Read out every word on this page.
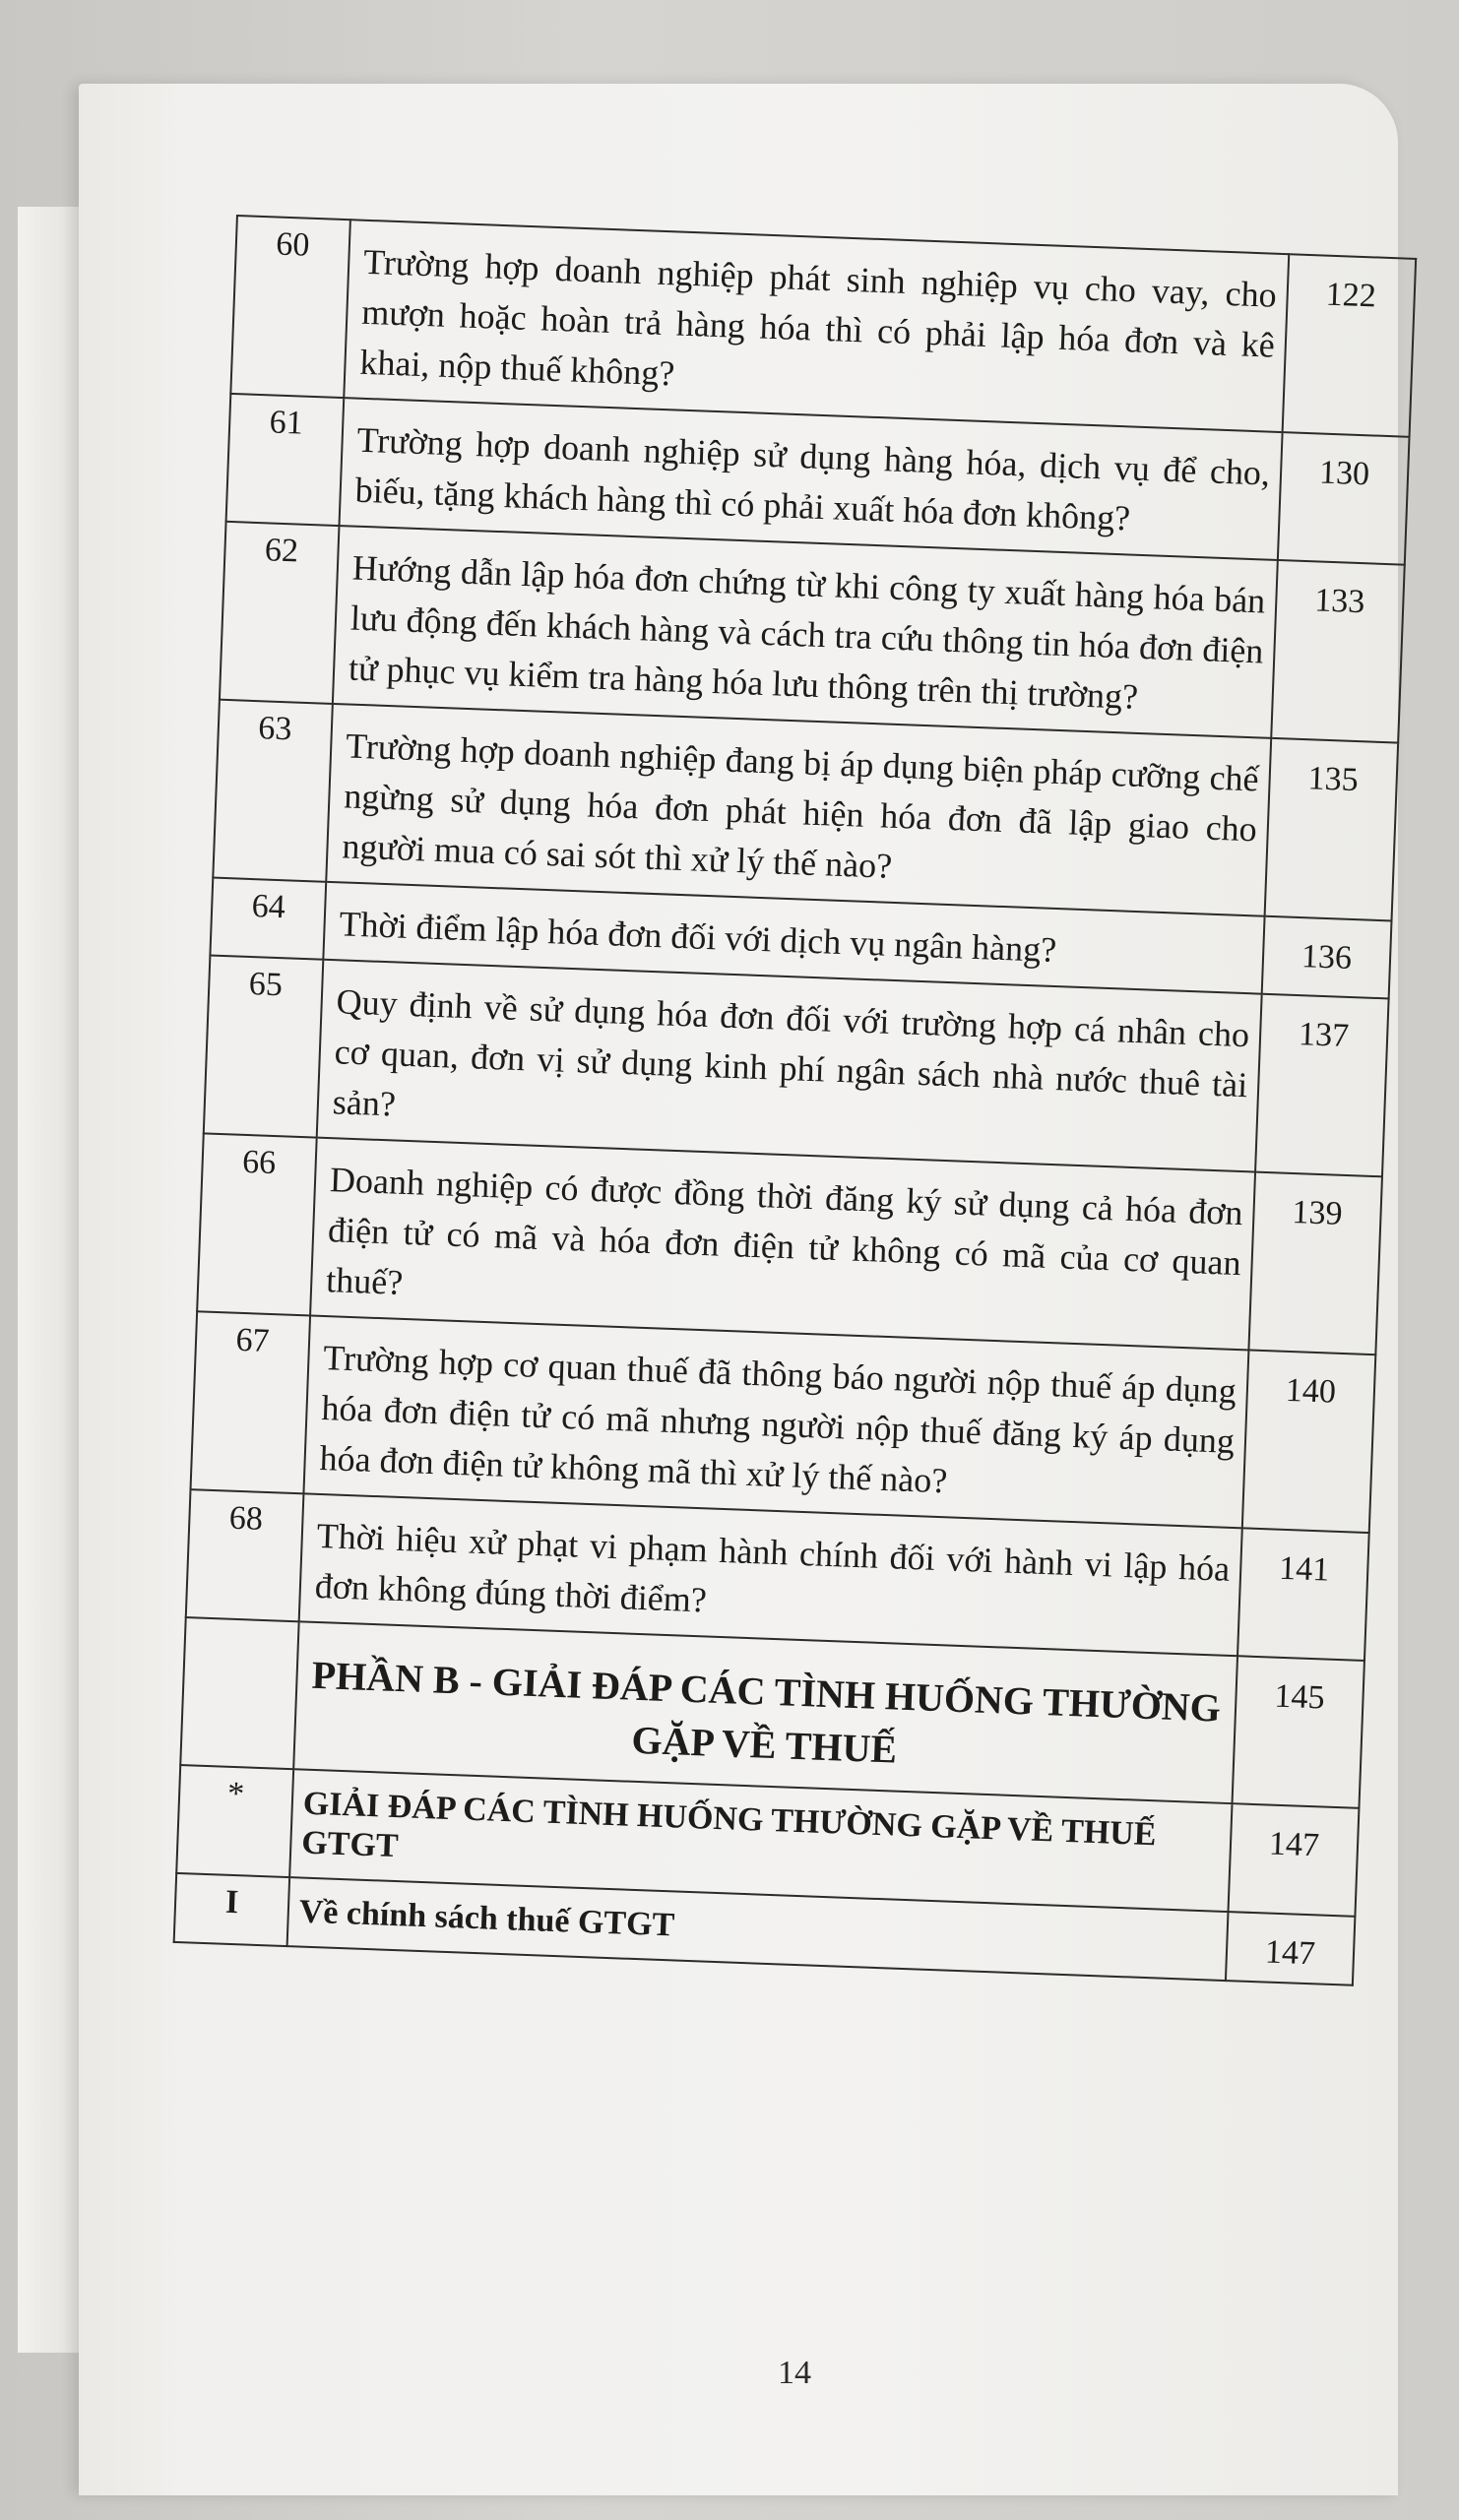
60	Trường hợp doanh nghiệp phát sinh nghiệp vụ cho vay, cho mượn hoặc hoàn trả hàng hóa thì có phải lập hóa đơn và kê khai, nộp thuế không?	122
61	Trường hợp doanh nghiệp sử dụng hàng hóa, dịch vụ để cho, biếu, tặng khách hàng thì có phải xuất hóa đơn không?	130
62	Hướng dẫn lập hóa đơn chứng từ khi công ty xuất hàng hóa bán lưu động đến khách hàng và cách tra cứu thông tin hóa đơn điện tử phục vụ kiểm tra hàng hóa lưu thông trên thị trường?	133
63	Trường hợp doanh nghiệp đang bị áp dụng biện pháp cưỡng chế ngừng sử dụng hóa đơn phát hiện hóa đơn đã lập giao cho người mua có sai sót thì xử lý thế nào?	135
64	Thời điểm lập hóa đơn đối với dịch vụ ngân hàng?	136
65	Quy định về sử dụng hóa đơn đối với trường hợp cá nhân cho cơ quan, đơn vị sử dụng kinh phí ngân sách nhà nước thuê tài sản?	137
66	Doanh nghiệp có được đồng thời đăng ký sử dụng cả hóa đơn điện tử có mã và hóa đơn điện tử không có mã của cơ quan thuế?	139
67	Trường hợp cơ quan thuế đã thông báo người nộp thuế áp dụng hóa đơn điện tử có mã nhưng người nộp thuế đăng ký áp dụng hóa đơn điện tử không mã thì xử lý thế nào?	140
68	Thời hiệu xử phạt vi phạm hành chính đối với hành vi lập hóa đơn không đúng thời điểm?	141
	PHẦN B - GIẢI ĐÁP CÁC TÌNH HUỐNG THƯỜNG GẶP VỀ THUẾ	145
*	GIẢI ĐÁP CÁC TÌNH HUỐNG THƯỜNG GẶP VỀ THUẾ GTGT	147
I	Về chính sách thuế GTGT	147
14
